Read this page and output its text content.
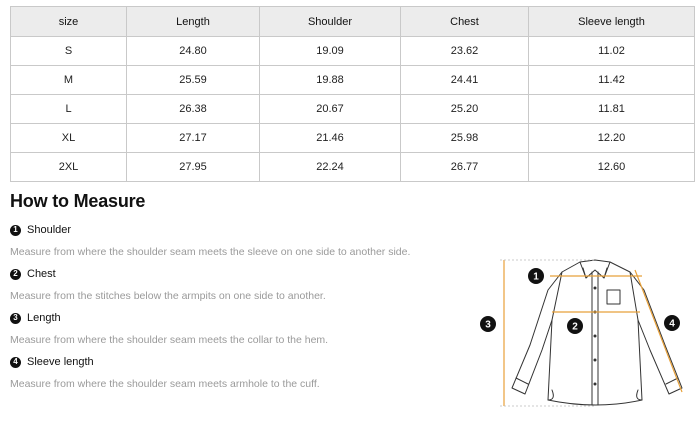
size	Length	Shoulder	Chest	Sleeve length
S	24.80	19.09	23.62	11.02
M	25.59	19.88	24.41	11.42
L	26.38	20.67	25.20	11.81
XL	27.17	21.46	25.98	12.20
2XL	27.95	22.24	26.77	12.60
How to Measure
1 Shoulder
Measure from where the shoulder seam meets the sleeve on one side to another side.
2 Chest
Measure from the stitches below the armpits on one side to another.
3 Length
Measure from where the shoulder seam meets the collar to the hem.
4 Sleeve length
Measure from where the shoulder seam meets armhole to the cuff.
1
2
3	4
